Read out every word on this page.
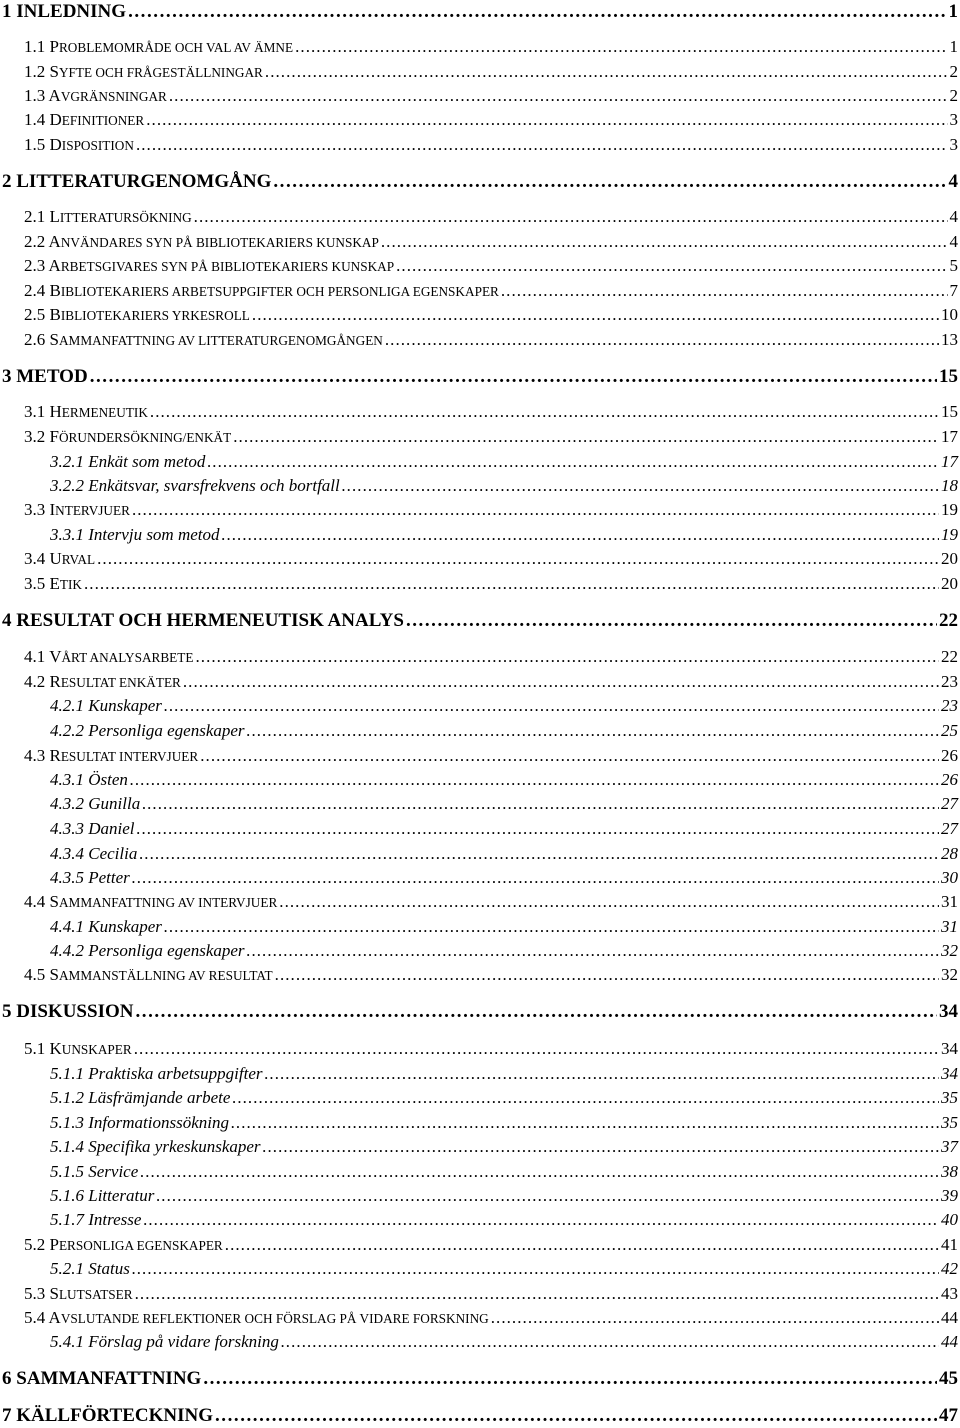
1 INLEDNING . . .	1
1.1 PROBLEMOMRÅDE OCH VAL AV ÄMNE . . .	1
1.2 SYFTE OCH FRÅGESTÄLLNINGAR . . .	2
1.3 AVGRÄNSNINGAR . . .	2
1.4 DEFINITIONER . . .	3
1.5 DISPOSITION . . .	3
2 LITTERATURGENOMGÅNG . . .	4
2.1 LITTERATURSÖKNING . . .	4
2.2 ANVÄNDARES SYN PÅ BIBLIOTEKARIERS KUNSKAP . . .	4
2.3 ARBETSGIVARES SYN PÅ BIBLIOTEKARIERS KUNSKAP . . .	5
2.4 BIBLIOTEKARIERS ARBETSUPPGIFTER OCH PERSONLIGA EGENSKAPER . . .	7
2.5 BIBLIOTEKARIERS YRKESROLL . . .	10
2.6 SAMMANFATTNING AV LITTERATURGENOMGÅNGEN . . .	13
3 METOD . . .	15
3.1 HERMENEUTIK . . .	15
3.2 FÖRUNDERSÖKNING/ENKÄT . . .	17
3.2.1 Enkät som metod . . .	17
3.2.2 Enkätsvar, svarsfrekvens och bortfall . . .	18
3.3 INTERVJUER . . .	19
3.3.1 Intervju som metod . . .	19
3.4 URVAL . . .	20
3.5 ETIK . . .	20
4 RESULTAT OCH HERMENEUTISK ANALYS . . .	22
4.1 VÅRT ANALYSARBETE . . .	22
4.2 RESULTAT ENKÄTER . . .	23
4.2.1 Kunskaper . . .	23
4.2.2 Personliga egenskaper . . .	25
4.3 RESULTAT INTERVJUER . . .	26
4.3.1 Östen . . .	26
4.3.2 Gunilla . . .	27
4.3.3 Daniel . . .	27
4.3.4 Cecilia . . .	28
4.3.5 Petter . . .	30
4.4 SAMMANFATTNING AV INTERVJUER . . .	31
4.4.1 Kunskaper . . .	31
4.4.2 Personliga egenskaper . . .	32
4.5 SAMMANSTÄLLNING AV RESULTAT . . .	32
5 DISKUSSION . . .	34
5.1 KUNSKAPER . . .	34
5.1.1 Praktiska arbetsuppgifter . . .	34
5.1.2 Läsfrämjande arbete . . .	35
5.1.3 Informationssökning . . .	35
5.1.4 Specifika yrkeskunskaper . . .	37
5.1.5 Service . . .	38
5.1.6 Litteratur . . .	39
5.1.7 Intresse . . .	40
5.2 PERSONLIGA EGENSKAPER . . .	41
5.2.1 Status . . .	42
5.3 SLUTSATSER . . .	43
5.4 AVSLUTANDE REFLEKTIONER OCH FÖRSLAG PÅ VIDARE FORSKNING . . .	44
5.4.1 Förslag på vidare forskning . . .	44
6 SAMMANFATTNING . . .	45
7 KÄLLFÖRTECKNING . . .	47
